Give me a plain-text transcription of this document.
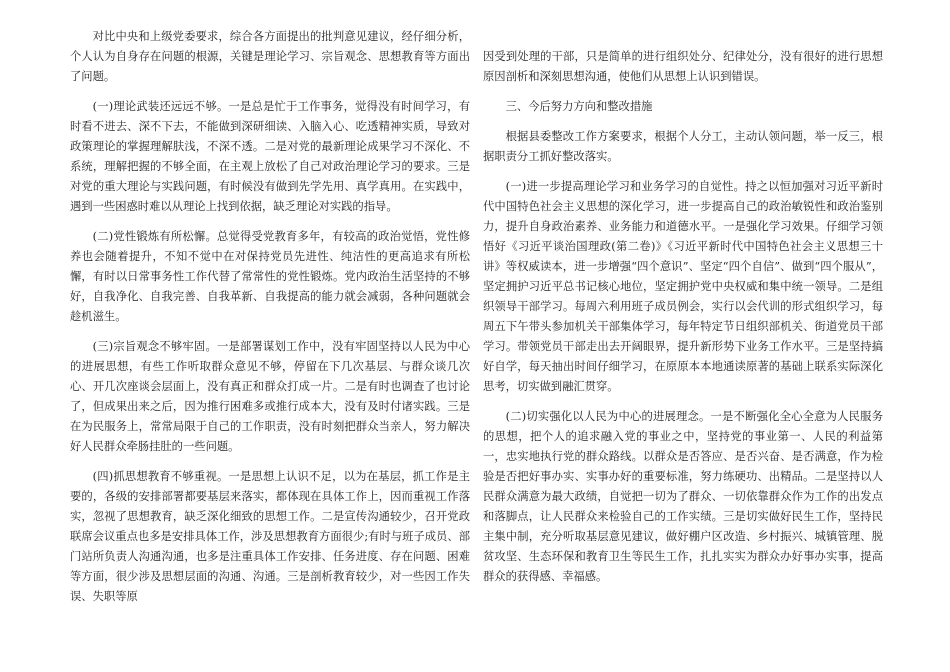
对比中央和上级党委要求，综合各方面提出的批判意见建议，经仔细分析，个人认为自身存在问题的根源，关键是理论学习、宗旨观念、思想教育等方面出了问题。

(一)理论武装还远远不够。一是总是忙于工作事务，觉得没有时间学习，有时看不进去、深不下去，不能做到深研细读、入脑入心、吃透精神实质，导致对政策理论的掌握理解肤浅，不深不透。二是对党的最新理论成果学习不深化、不系统，理解把握的不够全面，在主观上放松了自己对政治理论学习的要求。三是对党的重大理论与实践问题，有时候没有做到先学先用、真学真用。在实践中，遇到一些困惑时难以从理论上找到依据，缺乏理论对实践的指导。

(二)党性锻炼有所松懈。总觉得受党教育多年，有较高的政治觉悟，党性修养也会随着提升，不知不觉中在对保持党员先进性、纯洁性的更高追求有所松懈，有时以日常事务性工作代替了常常性的党性锻炼。党内政治生活坚持的不够好，自我净化、自我完善、自我革新、自我提高的能力就会减弱，各种问题就会趁机滋生。

(三)宗旨观念不够牢固。一是部署谋划工作中，没有牢固坚持以人民为中心的进展思想，有些工作听取群众意见不够，停留在下几次基层、与群众谈几次心、开几次座谈会层面上，没有真正和群众打成一片。二是有时也调查了也讨论了，但成果出来之后，因为推行困难多或推行成本大，没有及时付诸实践。三是在为民服务上，常常局限于自己的工作职责，没有时刻把群众当亲人，努力解决好人民群众牵肠挂肚的一些问题。

(四)抓思想教育不够重视。一是思想上认识不足，以为在基层，抓工作是主要的，各级的安排部署都要基层来落实，都体现在具体工作上，因而重视工作落实，忽视了思想教育，缺乏深化细致的思想工作。二是宣传沟通较少，召开党政联席会议重点也多是安排具体工作，涉及思想教育方面很少;有时与班子成员、部门站所负责人沟通沟通，也多是注重具体工作安排、任务进度、存在问题、困难等方面，很少涉及思想层面的沟通、沟通。三是剖析教育较少，对一些因工作失误、失职等原

因受到处理的干部，只是简单的进行组织处分、纪律处分，没有很好的进行思想原因剖析和深刻思想沟通，使他们从思想上认识到错误。

三、今后努力方向和整改措施

根据县委整改工作方案要求，根据个人分工，主动认领问题，举一反三，根据职责分工抓好整改落实。

(一)进一步提高理论学习和业务学习的自觉性。持之以恒加强对习近平新时代中国特色社会主义思想的深化学习，进一步提高自己的政治敏锐性和政治鉴别力，提升自身政治素养、业务能力和道德水平。一是强化学习效果。仔细学习领悟好《习近平谈治国理政(第二卷)》《习近平新时代中国特色社会主义思想三十讲》等权威读本，进一步增强“四个意识”、坚定“四个自信”、做到“四个服从”，坚定拥护习近平总书记核心地位，坚定拥护党中央权威和集中统一领导。二是组织领导干部学习。每周六利用班子成员例会，实行以会代训的形式组织学习，每周五下午带头参加机关干部集体学习，每年特定节日组织部机关、街道党员干部学习。带领党员干部走出去开阔眼界，提升新形势下业务工作水平。三是坚持搞好自学，每天抽出时间仔细学习，在原原本本地通读原著的基础上联系实际深化思考，切实做到融汇贯穿。

(二)切实强化以人民为中心的进展理念。一是不断强化全心全意为人民服务的思想，把个人的追求融入党的事业之中，坚持党的事业第一、人民的利益第一，忠实地执行党的群众路线。以群众是否答应、是否兴奋、是否满意，作为检验是否把好事办实、实事办好的重要标准，努力练硬功、出精品。二是坚持以人民群众满意为最大政绩，自觉把一切为了群众、一切依靠群众作为工作的出发点和落脚点，让人民群众来检验自己的工作实绩。三是切实做好民生工作，坚持民主集中制，充分听取基层意见建议，做好棚户区改造、乡村振兴、城镇管理、脱贫攻坚、生态环保和教育卫生等民生工作，扎扎实实为群众办好事办实事，提高群众的获得感、幸福感。
